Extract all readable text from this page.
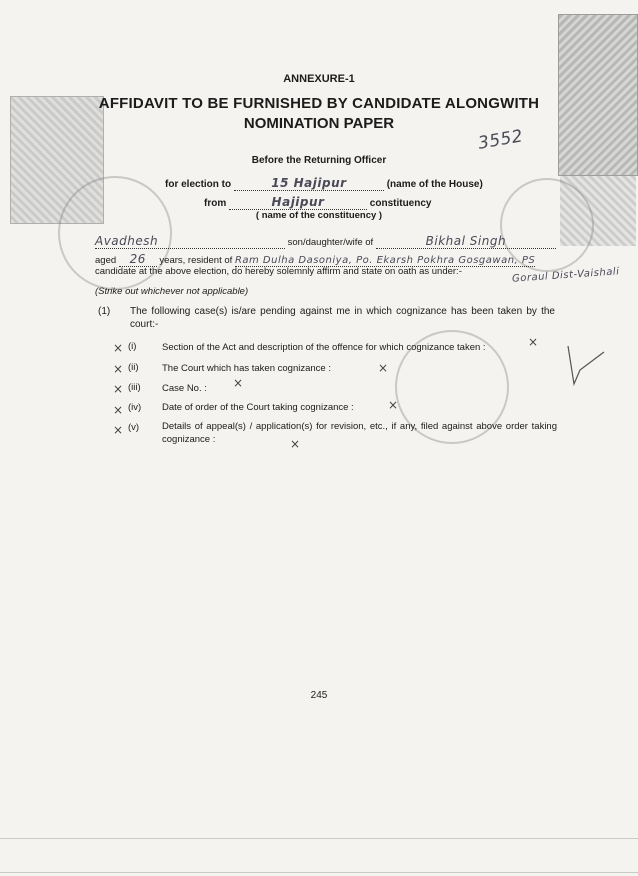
ANNEXURE-1
AFFIDAVIT TO BE FURNISHED BY CANDIDATE ALONGWITH
NOMINATION PAPER
3552
Before the Returning Officer
for election to	15 Hajipur	(name of the House)
from	Hajipur	constituency
( name of the constituency )
Avadhesh	son/daughter/wife of	Bikhal Singh
aged 26 years, resident of Ram Dulha Dasoniya, Po. Ekarsh Pokhra Gosgawan, PS
Goraul Dist-Vaishali
candidate at the above election, do hereby solemnly affirm and state on oath as under:-
(Strike out whichever not applicable)
(1) The following case(s) is/are pending against me in which cognizance has been taken by the court:-
× (i)	Section of the Act and description of the offence for which cognizance taken :	×
× (ii) The Court which has taken cognizance :	×
× (iii) Case No. :	×
× (iv) Date of order of the Court taking cognizance :	×
× (v) Details of appeal(s) / application(s) for revision, etc., if any, filed against above order taking cognizance :	×
245
